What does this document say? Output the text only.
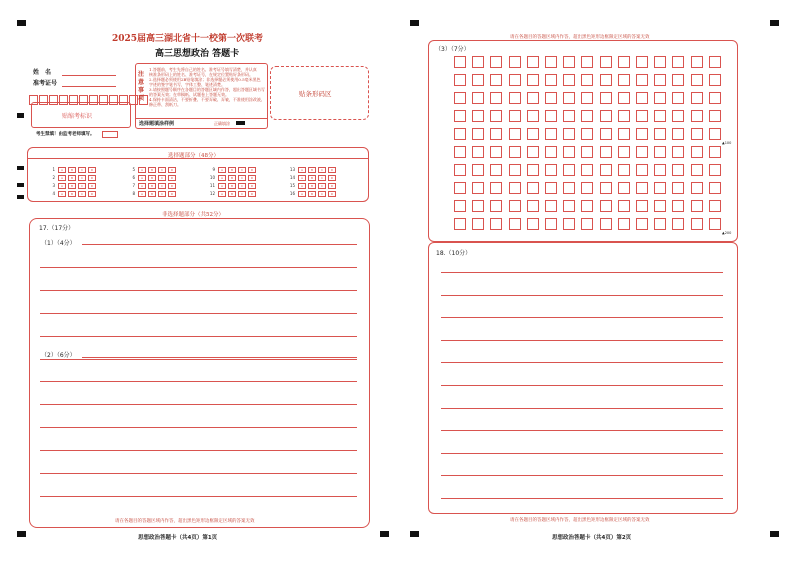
2025届高三湖北省十一校第一次联考
高三思想政治 答题卡
姓　名
准考证号
贴缩考标识
考生禁填！由监考老师填写。
注意事项
1.答题前，考生先将自己的姓名、准考证号填写清楚，并认真
核准条形码上的姓名、准考证号，在规定位置贴好条形码。
2.选择题必须使用2B铅笔填涂；非选择题必须使用0.5毫米黑色
字迹的签字笔书写，字体工整、笔迹清楚。
3.请按照题号顺序在各题目的答题区域内作答，超出答题区域书写
的答案无效；在草稿纸、试题卷上答题无效。
4.保持卡面清洁，不要折叠、不要弄破、弄皱，不准使用涂改液、
修正带、刮纸刀。
选择题填涂样例	正确填涂
贴条形码区
选择题部分（48分）
1 A	B	C	D
2 A	B	C	D
3 A	B	C	D
4 A	B	C	D
5 A	B	C	D
6 A	B	C	D
7 A	B	C	D
8 A	B	C	D
9 A	B	C	D
10 A	B	C	D
11 A	B	C	D
12 A	B	C	D
13 A	B	C	D
14 A	B	C	D
15 A	B	C	D
16 A	B	C	D
非选择题部分（共52分）
17.（17分）
（1）（4分）
（2）（6分）
请在各题目的答题区域内作答，超出黑色矩形边框限定区域的答案无效
思想政治答题卡（共4页）第1页
请在各题目的答题区域内作答，超出黑色矩形边框限定区域的答案无效
（3）（7分）
▲100
▲200
18.（10分）
请在各题目的答题区域内作答，超出黑色矩形边框限定区域的答案无效
思想政治答题卡（共4页）第2页
